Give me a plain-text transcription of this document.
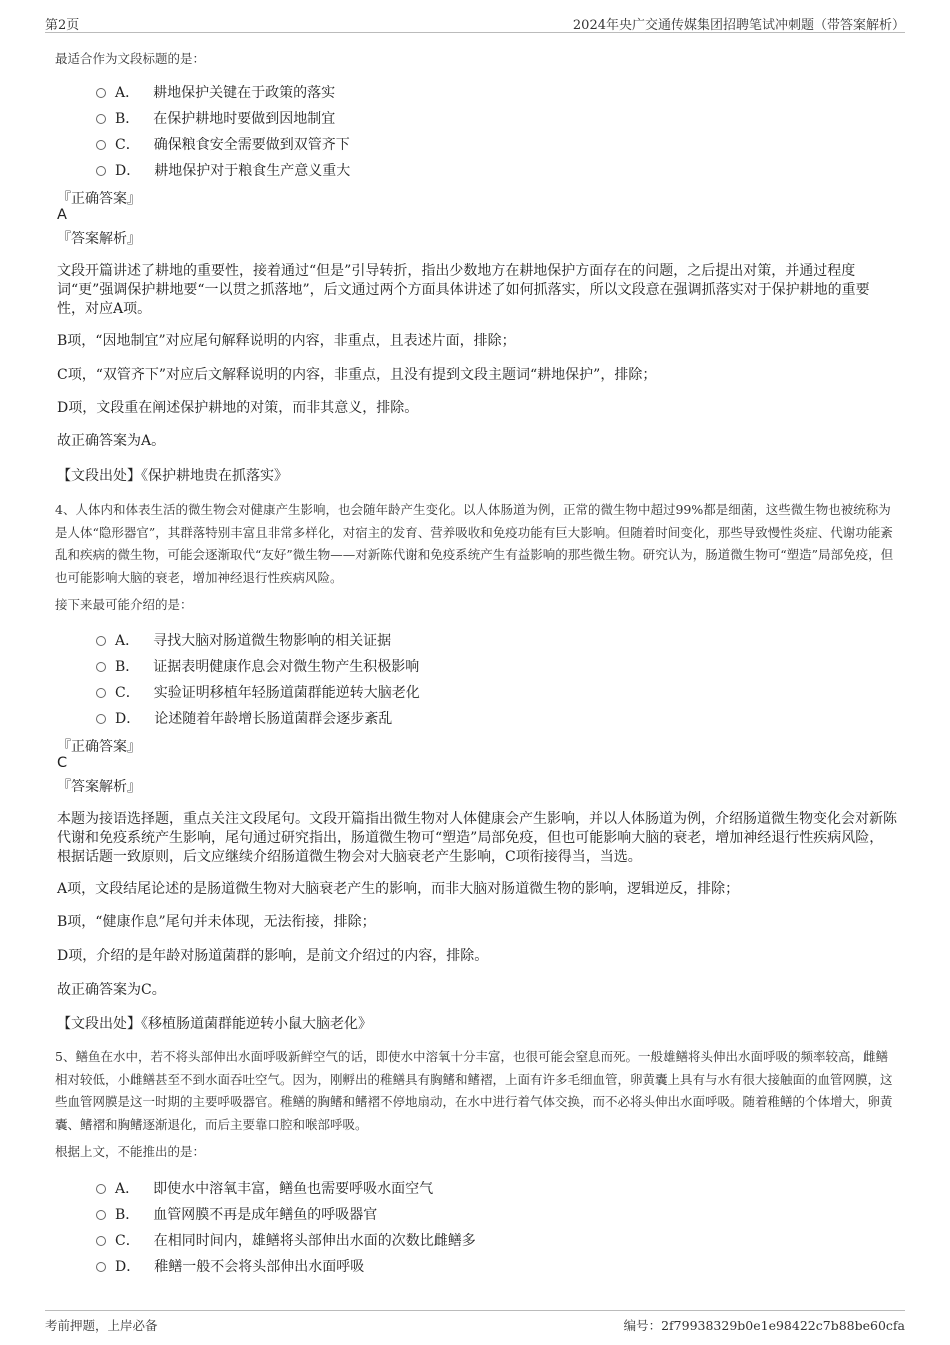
第2页	2024年央广交通传媒集团招聘笔试冲刺题（带答案解析）
最适合作为文段标题的是：
A． 耕地保护关键在于政策的落实
B． 在保护耕地时要做到因地制宜
C． 确保粮食安全需要做到双管齐下
D． 耕地保护对于粮食生产意义重大
『正确答案』
A
『答案解析』
文段开篇讲述了耕地的重要性，接着通过“但是”引导转折，指出少数地方在耕地保护方面存在的问题，之后提出对策，并通过程度词“更”强调保护耕地要“一以贯之抓落地”，后文通过两个方面具体讲述了如何抓落实，所以文段意在强调抓落实对于保护耕地的重要性，对应A项。
B项，“因地制宜”对应尾句解释说明的内容，非重点，且表述片面，排除；
C项，“双管齐下”对应后文解释说明的内容，非重点，且没有提到文段主题词“耕地保护”，排除；
D项，文段重在阐述保护耕地的对策，而非其意义，排除。
故正确答案为A。
【文段出处】《保护耕地贵在抓落实》
4、人体内和体表生活的微生物会对健康产生影响，也会随年龄产生变化。以人体肠道为例，正常的微生物中超过99%都是细菌，这些微生物也被统称为是人体“隐形器官”，其群落特别丰富且非常多样化，对宿主的发育、营养吸收和免疫功能有巨大影响。但随着时间变化，那些导致慢性炎症、代谢功能紊乱和疾病的微生物，可能会逐渐取代“友好”微生物——对新陈代谢和免疫系统产生有益影响的那些微生物。研究认为，肠道微生物可“塑造”局部免疫，但也可能影响大脑的衰老，增加神经退行性疾病风险。
接下来最可能介绍的是：
A． 寻找大脑对肠道微生物影响的相关证据
B． 证据表明健康作息会对微生物产生积极影响
C． 实验证明移植年轻肠道菌群能逆转大脑老化
D． 论述随着年龄增长肠道菌群会逐步紊乱
『正确答案』
C
『答案解析』
本题为接语选择题，重点关注文段尾句。文段开篇指出微生物对人体健康会产生影响，并以人体肠道为例，介绍肠道微生物变化会对新陈代谢和免疫系统产生影响，尾句通过研究指出，肠道微生物可“塑造”局部免疫，但也可能影响大脑的衰老，增加神经退行性疾病风险，根据话题一致原则，后文应继续介绍肠道微生物会对大脑衰老产生影响，C项衔接得当，当选。
A项，文段结尾论述的是肠道微生物对大脑衰老产生的影响，而非大脑对肠道微生物的影响，逻辑逆反，排除；
B项，“健康作息”尾句并未体现，无法衔接，排除；
D项，介绍的是年龄对肠道菌群的影响，是前文介绍过的内容，排除。
故正确答案为C。
【文段出处】《移植肠道菌群能逆转小鼠大脑老化》
5、鳝鱼在水中，若不将头部伸出水面呼吸新鲜空气的话，即使水中溶氧十分丰富，也很可能会窒息而死。一般雄鳝将头伸出水面呼吸的频率较高，雌鳝相对较低，小雌鳝甚至不到水面吞吐空气。因为，刚孵出的稚鳝具有胸鳍和鳍褶，上面有许多毛细血管，卵黄囊上具有与水有很大接触面的血管网膜，这些血管网膜是这一时期的主要呼吸器官。稚鳝的胸鳍和鳍褶不停地扇动，在水中进行着气体交换，而不必将头伸出水面呼吸。随着稚鳝的个体增大，卵黄囊、鳍褶和胸鳍逐渐退化，而后主要靠口腔和喉部呼吸。
根据上文，不能推出的是：
A． 即使水中溶氧丰富，鳝鱼也需要呼吸水面空气
B． 血管网膜不再是成年鳝鱼的呼吸器官
C． 在相同时间内，雄鳝将头部伸出水面的次数比雌鳝多
D． 稚鳝一般不会将头部伸出水面呼吸
考前押题，上岸必备	编号：2f79938329b0e1e98422c7b88be60cfa
